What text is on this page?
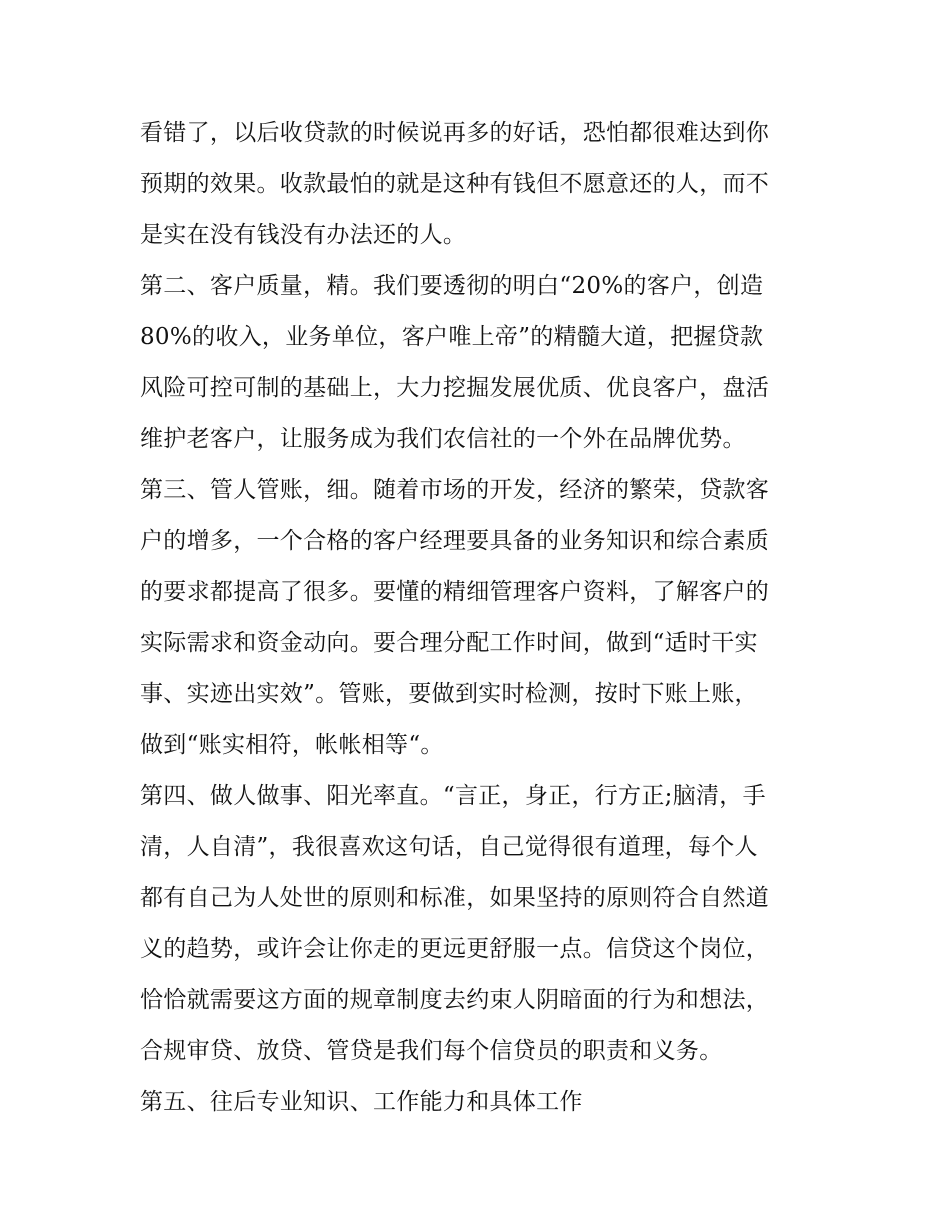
看错了，以后收贷款的时候说再多的好话，恐怕都很难达到你
预期的效果。收款最怕的就是这种有钱但不愿意还的人，而不
是实在没有钱没有办法还的人。
第二、客户质量，精。我们要透彻的明白“20%的客户，创造
80%的收入，业务单位，客户唯上帝”的精髓大道，把握贷款
风险可控可制的基础上，大力挖掘发展优质、优良客户，盘活
维护老客户，让服务成为我们农信社的一个外在品牌优势。
第三、管人管账，细。随着市场的开发，经济的繁荣，贷款客
户的增多，一个合格的客户经理要具备的业务知识和综合素质
的要求都提高了很多。要懂的精细管理客户资料，了解客户的
实际需求和资金动向。要合理分配工作时间，做到“适时干实
事、实迹出实效”。管账，要做到实时检测，按时下账上账，
做到“账实相符，帐帐相等“。
第四、做人做事、阳光率直。“言正，身正，行方正;脑清，手
清，人自清”，我很喜欢这句话，自己觉得很有道理，每个人
都有自己为人处世的原则和标准，如果坚持的原则符合自然道
义的趋势，或许会让你走的更远更舒服一点。信贷这个岗位，
恰恰就需要这方面的规章制度去约束人阴暗面的行为和想法，
合规审贷、放贷、管贷是我们每个信贷员的职责和义务。
第五、往后专业知识、工作能力和具体工作
